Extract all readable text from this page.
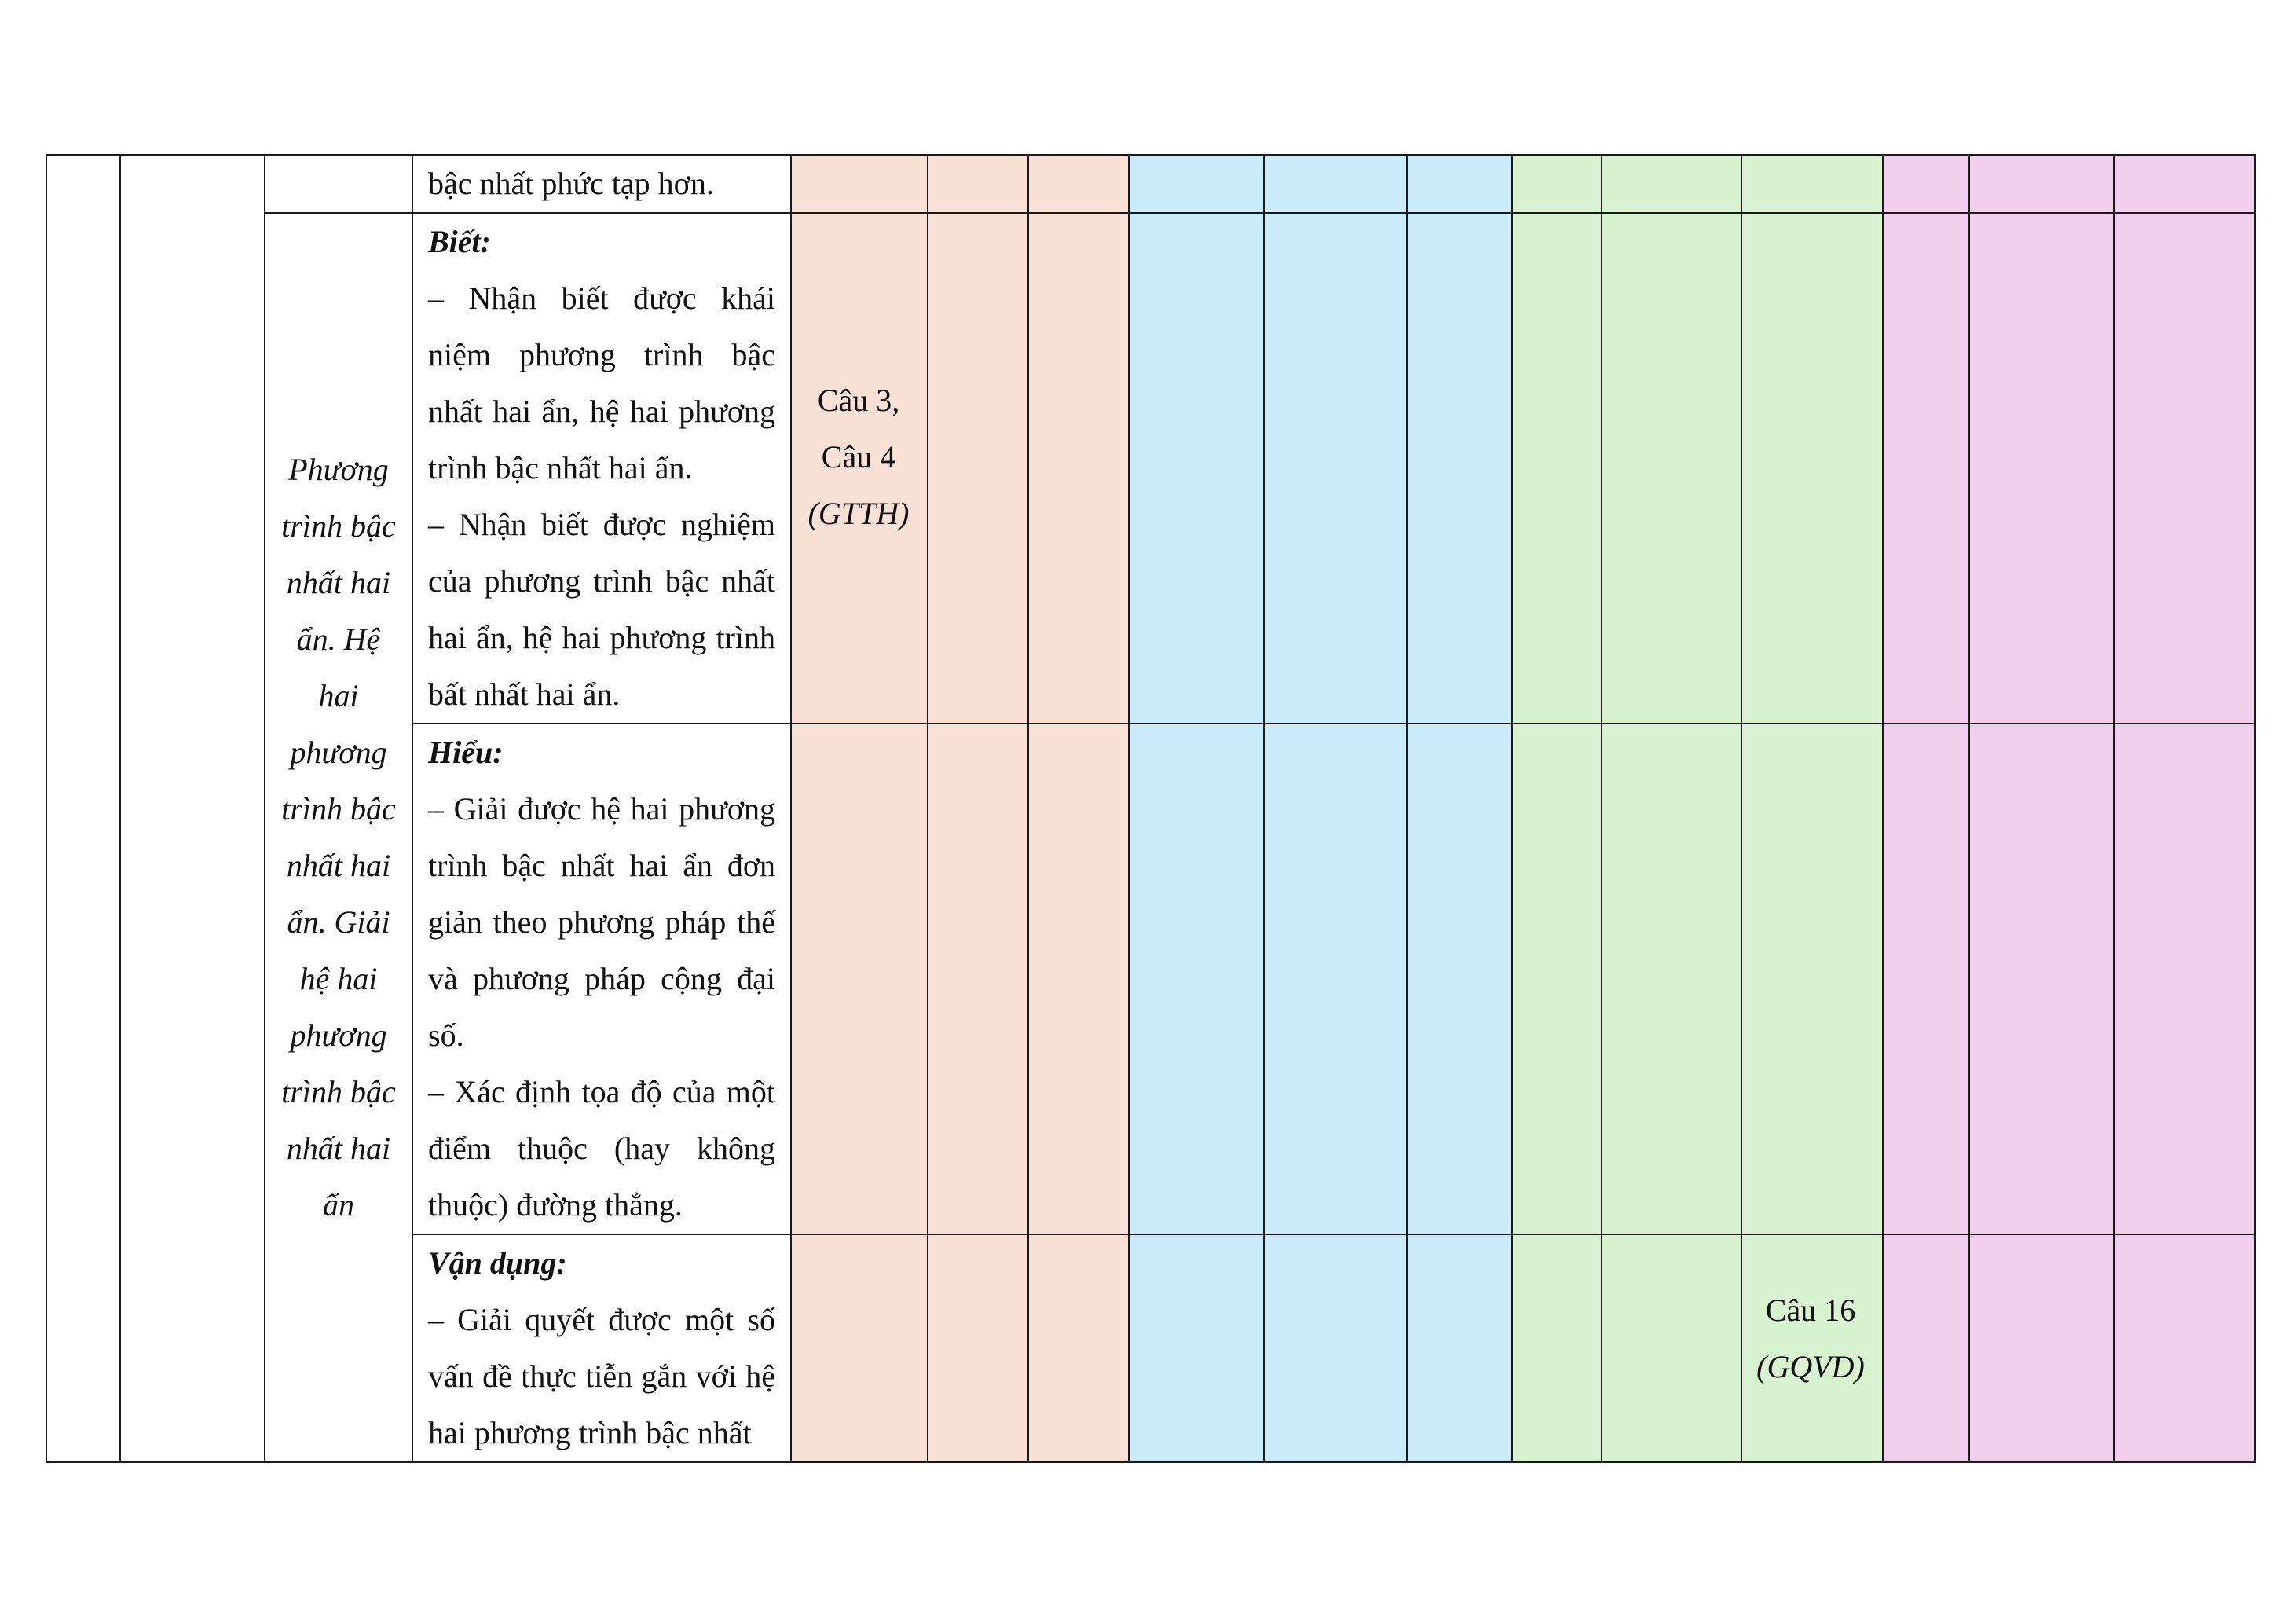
bậc nhất phức tạp hơn.

Phương trình bậc nhất hai ẩn. Hệ hai phương trình bậc nhất hai ẩn. Giải hệ hai phương trình bậc nhất hai ẩn

Biết:

– Nhận biết được khái niệm phương trình bậc nhất hai ẩn, hệ hai phương trình bậc nhất hai ẩn.

– Nhận biết được nghiệm của phương trình bậc nhất hai ẩn, hệ hai phương trình bất nhất hai ẩn.

Hiểu:

– Giải được hệ hai phương trình bậc nhất hai ẩn đơn giản theo phương pháp thế và phương pháp cộng đại số.

– Xác định tọa độ của một điểm thuộc (hay không thuộc) đường thẳng.

Vận dụng:

– Giải quyết được một số vấn đề thực tiễn gắn với hệ hai phương trình bậc nhất

Câu 3,
Câu 4
(GTTH)
Câu 16
(GQVD)
